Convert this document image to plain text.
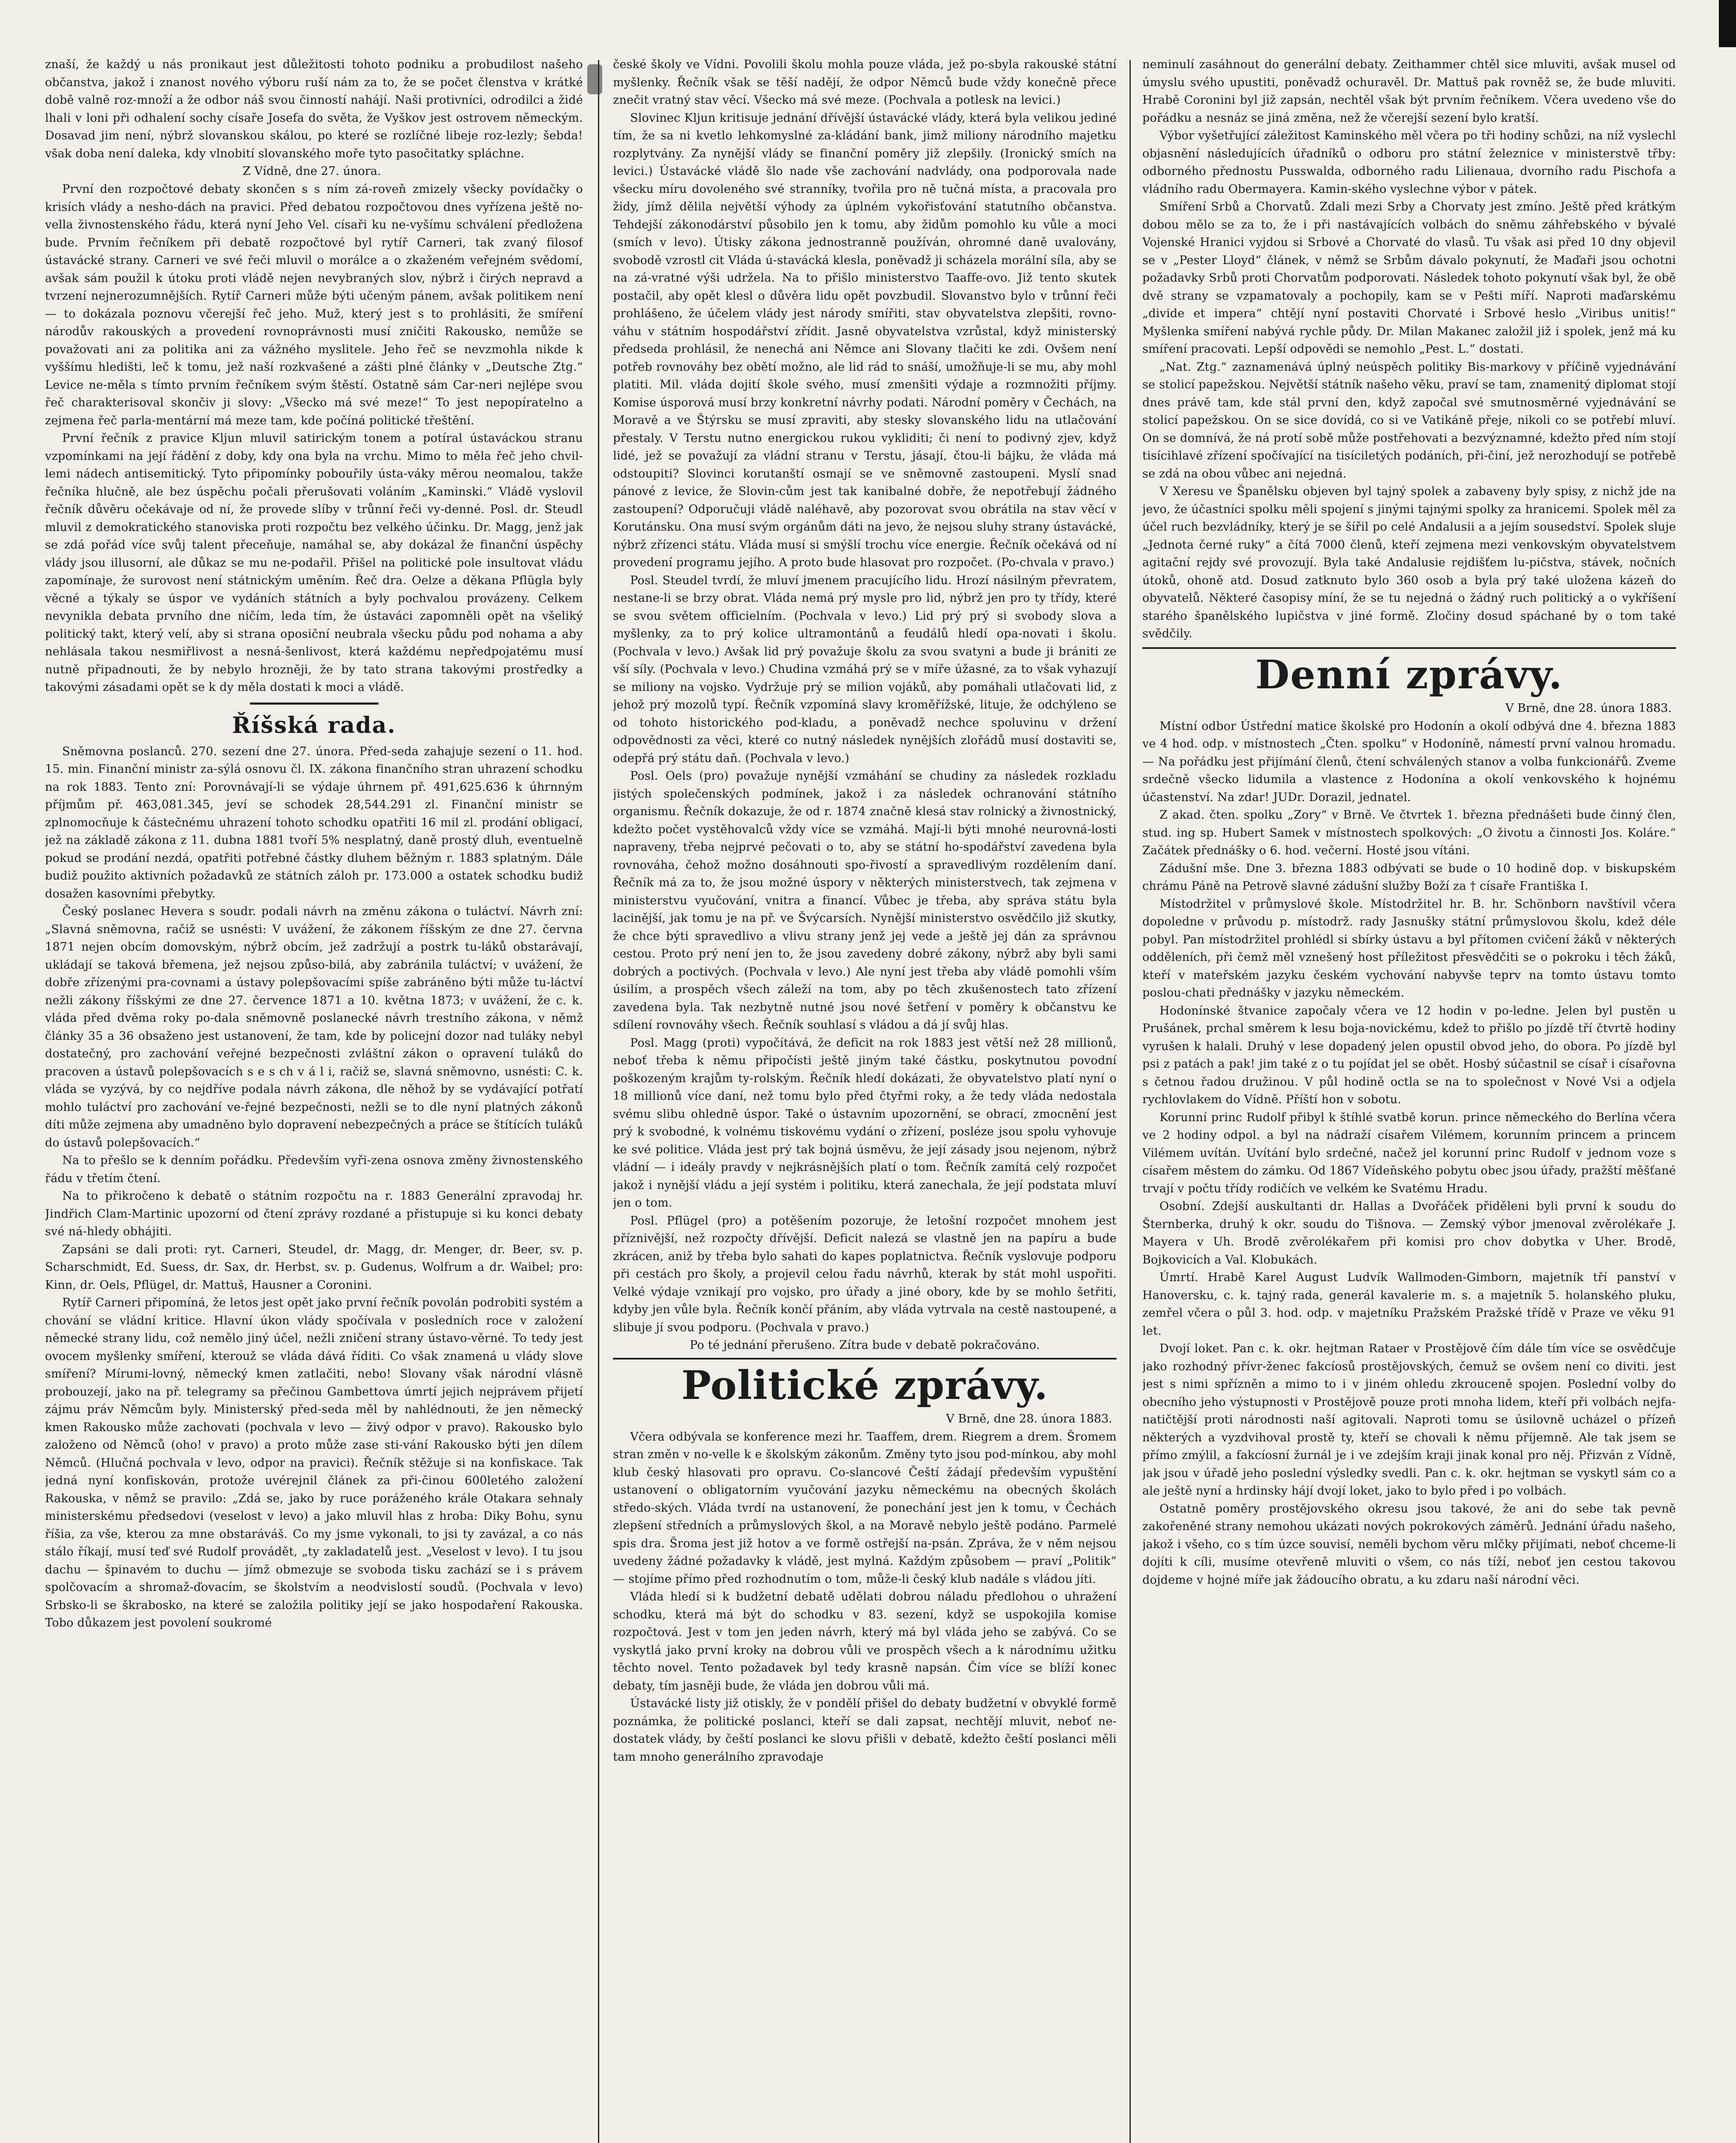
znaší, že každý u nás pronikaut jest důležitosti tohoto podniku a probudilost našeho občanstva, jakož i znanost nového výboru ruší nám za to, že se počet členstva v krátké době valně roz-množí a že odbor náš svou činností nahájí. Naši protivníci, odrodilci a židé lhali v loni při odhalení sochy císaře Josefa do světa, že Vyškov jest ostrovem německým. Dosavad jim není, nýbrž slovanskou skálou, po které se rozlíčné libeje roz-lezly; šebda! však doba není daleka, kdy vlnobití slovanského moře tyto pasočitatky spláchne.

Z Vídně, dne 27. února.

První den rozpočtové debaty skončen s s ním zá-roveň zmizely všecky povídačky o krisích vlády a nesho-dách na pravici. Před debatou rozpočtovou dnes vyřízena ještě no-vella živnostenského řádu, která nyní Jeho Vel. císaři ku ne-vyšímu schválení předložena bude. Prvním řečníkem při debatě rozpočtové byl rytíř Carneri, tak zvaný filosof ústavácké strany. Carneri ve své řeči mluvil o morálce a o zkaženém veřejném svědomí, avšak sám použil k útoku proti vládě nejen nevybraných slov, nýbrž i čirých nepravd a tvrzení nejnerozumnějších. Rytíř Carneri může býti učeným pánem, avšak politikem není — to dokázala poznovu včerejší řeč jeho. Muž, který jest s to prohlásiti, že smíření národův rakouských a provedení rovnoprávnosti musí zničiti Rakousko, nemůže se považovati ani za politika ani za vážného myslitele. Jeho řeč se nevzmohla nikde k vyššímu hledišti, leč k tomu, jež naší rozkvašené a zášti plné články v „Deutsche Ztg.“ Levice ne-měla s tímto prvním řečníkem svým štěstí. Ostatně sám Car-neri nejlépe svou řeč charakterisoval skončiv ji slovy: „Všecko má své meze!“ To jest nepopíratelno a zejmena řeč parla-mentární má meze tam, kde počíná politické třeštění.

První řečník z pravice Kljun mluvil satirickým tonem a potíral ústaváckou stranu vzpomínkami na její řádění z doby, kdy ona byla na vrchu. Mimo to měla řeč jeho chvil-lemi nádech antisemitický. Tyto připomínky pobouřily ústa-váky měrou neomalou, takže řečníka hlučně, ale bez úspěchu počali přerušovati voláním „Kaminski.“ Vládě vyslovil řečník důvěru očekávaje od ní, že provede slíby v trůnní řeči vy-denné. Posl. dr. Steudl mluvil z demokratického stanoviska proti rozpočtu bez velkého účinku. Dr. Magg, jenž jak se zdá pořád více svůj talent přeceňuje, namáhal se, aby dokázal že finanční úspěchy vlády jsou illusorní, ale důkaz se mu ne-podařil. Přišel na politické pole insultovat vládu zapomínaje, že surovost není státnickým uměním. Řeč dra. Oelze a děkana Pflügla byly věcné a týkaly se úspor ve vydáních státních a byly pochvalou provázeny. Celkem nevynikla debata prvního dne ničím, leda tím, že ústaváci zapomněli opět na všeliký politický takt, který velí, aby si strana oposiční neubrala všecku půdu pod nohama a aby nehlásala takou nesmiřlivost a nesná-šenlivost, která každému nepředpojatému musí nutně připadnouti, že by nebylo hrozněji, že by tato strana takovými prostředky a takovými zásadami opět se k dy měla dostati k moci a vládě.

Říšská rada.

Sněmovna poslanců. 270. sezení dne 27. února. Před-seda zahajuje sezení o 11. hod. 15. min. Finanční ministr za-sýlá osnovu čl. IX. zákona finančního stran uhrazení schodku na rok 1883. Tento zní: Porovnávají-li se výdaje úhrnem př. 491,625.636 k úhrnným příjmům př. 463,081.345, jeví se schodek 28,544.291 zl. Finanční ministr se zplnomocňuje k částečnému uhrazení tohoto schodku opatřiti 16 mil zl. prodání obligací, jež na základě zákona z 11. dubna 1881 tvoří 5% nesplatný, daně prostý dluh, eventuelně pokud se prodání nezdá, opatřiti potřebné částky dluhem běžným r. 1883 splatným. Dále budiž použito aktivních požadavků ze státních záloh pr. 173.000 a ostatek schodku budiž dosažen kasovními přebytky.

Český poslanec Hevera s soudr. podali návrh na změnu zákona o tuláctví. Návrh zní: „Slavná sněmovna, račiž se usnésti: V uvážení, že zákonem říšským ze dne 27. června 1871 nejen obcím domovským, nýbrž obcím, jež zadržují a postrk tu-láků obstarávají, ukládají se taková břemena, jež nejsou způso-bilá, aby zabránila tuláctví; v uvážení, že dobře zřízenými pra-covnami a ústavy polepšovacími spíše zabráněno býti může tu-láctví nežli zákony říšskými ze dne 27. července 1871 a 10. května 1873; v uvážení, že c. k. vláda před dvěma roky po-dala sněmovně poslanecké návrh trestního zákona, v němž články 35 a 36 obsaženo jest ustanovení, že tam, kde by policejní dozor nad tuláky nebyl dostatečný, pro zachování veřejné bezpečnosti zvláštní zákon o opravení tuláků do pracoven a ústavů polepšovacích s e s ch v á l i, račiž se, slavná sněmovno, usnésti: C. k. vláda se vyzývá, by co nejdříve podala návrh zákona, dle něhož by se vydávající potřatí mohlo tuláctví pro zachování ve-řejné bezpečnosti, nežli se to dle nyní platných zákonů díti může zejmena aby umadněno bylo dopravení nebezpečných a práce se štítících tuláků do ústavů polepšovacích.“

Na to přešlo se k denním pořádku. Především vyři-zena osnova změny živnostenského řádu v třetím čtení.

Na to přikročeno k debatě o státním rozpočtu na r. 1883 Generální zpravodaj hr. Jindřich Clam-Martinic upozorní od čtení zprávy rozdané a přistupuje si ku konci debaty své ná-hledy obhájiti.

Zapsáni se dali proti: ryt. Carneri, Steudel, dr. Magg, dr. Menger, dr. Beer, sv. p. Scharschmidt, Ed. Suess, dr. Sax, dr. Herbst, sv. p. Gudenus, Wolfrum a dr. Waibel; pro: Kinn, dr. Oels, Pflügel, dr. Mattuš, Hausner a Coronini.

Rytíř Carneri připomíná, že letos jest opět jako první řečník povolán podrobiti systém a chování se vládní kritice. Hlavní úkon vlády spočívala v posledních roce v založení německé strany lidu, což nemělo jiný účel, nežli zničení strany ústavo-věrné. To tedy jest ovocem myšlenky smíření, kterouž se vláda dává říditi. Co však znamená u vlády slove smíření? Mírumi-lovný, německý kmen zatlačiti, nebo! Slovany však národní vlásně probouzejí, jako na př. telegramy sa přečinou Gambettova úmrtí jejich nejprávem přijetí zájmu práv Němcům byly. Ministerský před-seda měl by nahlédnouti, že jen německý kmen Rakousko může zachovati (pochvala v levo — živý odpor v pravo). Rakousko bylo založeno od Němců (oho! v pravo) a proto může zase sti-vání Rakousko býti jen dílem Němců. (Hlučná pochvala v levo, odpor na pravici). Řečník stěžuje si na konfiskace. Tak jedná nyní konfiskován, protože uvérejnil článek za při-činou 600letého založení Rakouska, v němž se pravilo: „Zdá se, jako by ruce poráženého krále Otakara sehnaly ministerskému předsedovi (veselost v levo) a jako mluvil hlas z hroba: Diky Bohu, synu říšia, za vše, kterou za mne obstaráváš. Co my jsme vykonali, to jsi ty zavázal, a co nás stálo říkají, musí teď své Rudolf provádět, „ty zakladatelů jest. „Veselost v levo). I tu jsou dachu — špinavém to duchu — jímž obmezuje se svoboda tisku zachází se i s právem spolčovacím a shromaž-ďovacím, se školstvím a neodvislostí soudů. (Pochvala v levo) Srbsko-li se škrabosko, na které se založila politiky její se jako hospodaření Rakouska. Tobo důkazem jest povolení soukromé

české školy ve Vídni. Povolili školu mohla pouze vláda, jež po-sbyla rakouské státní myšlenky. Řečník však se těší nadějí, že odpor Němců bude vždy konečně přece znečit vratný stav věcí. Všecko má své meze. (Pochvala a potlesk na levici.)

Slovinec Kljun kritisuje jednání dřívější ústavácké vlády, která byla velikou jediné tím, že sa ni kvetlo lehkomyslné za-kládání bank, jimž miliony národního majetku rozplytvány. Za nynější vlády se finanční poměry již zlepšily. (Ironický smích na levici.) Ústavácké vládě šlo nade vše zachování nadvlády, ona podporovala nade všecku míru dovoleného své stranníky, tvořila pro ně tučná místa, a pracovala pro židy, jímž dělila největší výhody za úplném vykořisťování statutního občanstva. Tehdejší zákonodárství působilo jen k tomu, aby židům pomohlo ku vůle a moci (smích v levo). Útisky zákona jednostranně používán, ohromné daně uvalovány, svobodě vzrostl cit Vláda ú-stavácká klesla, poněvadž ji scházela morální síla, aby se na zá-vratné výši udržela. Na to přišlo ministerstvo Taaffe-ovo. Již tento skutek postačil, aby opět klesl o důvěra lidu opět povzbudil. Slovanstvo bylo v trůnní řeči prohlášeno, že účelem vlády jest národy smířiti, stav obyvatelstva zlepšiti, rovno-váhu v státním hospodářství zřídit. Jasně obyvatelstva vzrůstal, když ministerský předseda prohlásil, že nenechá ani Němce ani Slovany tlačiti ke zdi. Ovšem není potřeb rovnováhy bez obětí možno, ale lid rád to snáší, umožňuje-li se mu, aby mohl platiti. Mil. vláda dojití škole svého, musí zmenšiti výdaje a rozmnožiti příjmy. Komise úsporová musí brzy konkretní návrhy podati. Národní poměry v Čechách, na Moravě a ve Štýrsku se musí zpraviti, aby stesky slovanského lidu na utlačování přestaly. V Terstu nutno energickou rukou vykliditi; či není to podivný zjev, když lidé, jež se považují za vládní stranu v Terstu, jásají, čtou-li bájku, že vláda má odstoupiti? Slovinci korutanští osmají se ve sněmovně zastoupeni. Myslí snad pánové z levice, že Slovin-cům jest tak kanibalné dobře, že nepotřebují žádného zastoupení? Odporučuji vládě naléhavě, aby pozorovat svou obrátila na stav věcí v Korutánsku. Ona musí svým orgánům dáti na jevo, že nejsou sluhy strany ústavácké, nýbrž zřízenci státu. Vláda musí si smýšlí trochu více energie. Řečník očekává od ní provedení programu jejího. A proto bude hlasovat pro rozpočet. (Po-chvala v pravo.)

Posl. Steudel tvrdí, že mluví jmenem pracujícího lidu. Hrozí násilným převratem, nestane-li se brzy obrat. Vláda nemá prý mysle pro lid, nýbrž jen pro ty třídy, které se svou světem officielním. (Pochvala v levo.) Lid prý prý si svobody slova a myšlenky, za to prý kolice ultramontánů a feudálů hledí opa-novati i školu. (Pochvala v levo.) Avšak lid prý považuje školu za svou svatyni a bude ji brániti ze vší síly. (Pochvala v levo.) Chudina vzmáhá prý se v míře úžasné, za to však vyhazují se miliony na vojsko. Vydržuje prý se milion vojáků, aby pomáhali utlačovati lid, z jehož prý mozolů typí. Řečník vzpomíná slavy kroměřížské, lituje, že odchýleno se od tohoto historického pod-kladu, a poněvadž nechce spoluvinu v držení odpovědnosti za věci, které co nutný následek nynějších zlořádů musí dostaviti se, odepřá prý státu daň. (Pochvala v levo.)

Posl. Oels (pro) považuje nynější vzmáhání se chudiny za následek rozkladu jistých společenských podmínek, jakož i za následek ochranování státního organismu. Řečník dokazuje, že od r. 1874 značně klesá stav rolnický a živnostnický, kdežto počet vystěhovalců vždy více se vzmáhá. Mají-li býti mnohé neurovná-losti napraveny, třeba nejprvé pečovati o to, aby se státní ho-spodářství zavedena byla rovnováha, čehož možno dosáhnouti spo-řivostí a spravedlivým rozdělením daní. Řečník má za to, že jsou možné úspory v některých ministerstvech, tak zejmena v ministerstvu vyučování, vnitra a financí. Vůbec je třeba, aby správa státu byla lacinější, jak tomu je na př. ve Švýcarsích. Nynější ministerstvo osvědčilo již skutky, že chce býti spravedlivo a vlivu strany jenž jej vede a ještě jej dán za správnou cestou. Proto prý není jen to, že jsou zavedeny dobré zákony, nýbrž aby byli sami dobrých a poctivých. (Pochvala v levo.) Ale nyní jest třeba aby vládě pomohli vším úsilím, a prospěch všech záleží na tom, aby po těch zkušenostech tato zřízení zavedena byla. Tak nezbytně nutné jsou nové šetření v poměry k občanstvu ke sdílení rovnováhy všech. Řečník souhlasí s vládou a dá jí svůj hlas.

Posl. Magg (proti) vypočítává, že deficit na rok 1883 jest větší než 28 millionů, neboť třeba k němu připočísti ještě jiným také částku, poskytnutou povodní poškozeným krajům ty-rolským. Řečník hledí dokázati, že obyvatelstvo platí nyní o 18 millionů více daní, než tomu bylo před čtyřmi roky, a že tedy vláda nedostala svému slibu ohledně úspor. Také o ústavním upozornění, se obrací, zmocnění jest prý k svobodné, k volnému tiskovému vydání o zřízení, posléze jsou spolu vyhovuje ke své politice. Vláda jest prý tak bojná úsměvu, že její zásady jsou nejenom, nýbrž vládní — i ideály pravdy v nejkrásnějších platí o tom. Řečník zamítá celý rozpočet jakož i nynější vládu a její systém i politiku, která zanechala, že její podstata mluví jen o tom.

Posl. Pflügel (pro) a potěšením pozoruje, že letošní rozpočet mnohem jest příznivější, než rozpočty dřívější. Deficit nalezá se vlastně jen na papíru a bude zkrácen, aniž by třeba bylo sahati do kapes poplatnictva. Řečník vyslovuje podporu při cestách pro školy, a projevil celou řadu návrhů, kterak by stát mohl uspořiti. Velké výdaje vznikají pro vojsko, pro úřady a jiné obory, kde by se mohlo šetřiti, kdyby jen vůle byla. Řečník končí přáním, aby vláda vytrvala na cestě nastoupené, a slibuje jí svou podporu. (Pochvala v pravo.)

Po té jednání přerušeno. Zítra bude v debatě pokračováno.

Politické zprávy.

V Brně, dne 28. února 1883.

Včera odbývala se konference mezi hr. Taaffem, drem. Riegrem a drem. Šromem stran změn v no-velle k e školským zákonům. Změny tyto jsou pod-mínkou, aby mohl klub český hlasovati pro opravu. Co-slancové Čeští žádají především vypuštění ustanovení o obligatorním vyučování jazyku německému na obecných školách středo-ských. Vláda tvrdí na ustanovení, že ponechání jest jen k tomu, v Čechách zlepšení středních a průmyslových škol, a na Moravě nebylo ještě podáno. Parmelé spis dra. Šroma jest již hotov a ve formě ostřejší na-psán. Zpráva, že v něm nejsou uvedeny žádné požadavky k vládě, jest mylná. Každým způsobem — praví „Politik“ — stojíme přímo před rozhodnutím o tom, může-li český klub nadále s vládou jíti.

Vláda hledí si k budžetní debatě udělati dobrou náladu předlohou o uhražení schodku, která má být do schodku v 83. sezení, když se uspokojila komise rozpočtová. Jest v tom jen jeden návrh, který má byl vláda jeho se zabývá. Co se vyskytlá jako první kroky na dobrou vůli ve prospěch všech a k národnímu užitku těchto novel. Tento požadavek byl tedy krasně napsán. Čím více se blíží konec debaty, tím jasněji bude, že vláda jen dobrou vůli má.

Ústavácké listy již otiskly, že v pondělí přišel do debaty budžetní v obvyklé formě poznámka, že politické poslanci, kteří se dali zapsat, nechtějí mluvit, neboť ne-dostatek vlády, by čeští poslanci ke slovu přišli v debatě, kdežto čeští poslanci měli tam mnoho generálního zpravodaje

neminulí zasáhnout do generální debaty. Zeithammer chtěl sice mluviti, avšak musel od úmyslu svého upustiti, poněvadž ochuravěl. Dr. Mattuš pak rovněž se, že bude mluviti. Hrabě Coronini byl již zapsán, nechtěl však být prvním řečníkem. Včera uvedeno vše do pořádku a nesnáz se jiná změna, než že včerejší sezení bylo kratší.

Výbor vyšetřující záležitost Kaminského měl včera po tři hodiny schůzi, na níž vyslechl objasnění následujících úřadníků o odboru pro státní železnice v ministerstvě třby: odborného přednostu Pusswalda, odborného radu Lilienaua, dvorního radu Pischofa a vládního radu Obermayera. Kamin-ského vyslechne výbor v pátek.

Smíření Srbů a Chorvatů. Zdali mezi Srby a Chorvaty jest zmíno. Ještě před krátkým dobou mělo se za to, že i při nastávajících volbách do sněmu záhřebského v bývalé Vojenské Hranici vyjdou si Srbové a Chorvaté do vlasů. Tu však asi před 10 dny objevil se v „Pester Lloyd“ článek, v němž se Srbům dávalo pokynutí, že Maďaři jsou ochotni požadavky Srbů proti Chorvatům podporovati. Následek tohoto pokynutí však byl, že obě dvě strany se vzpamatovaly a pochopily, kam se v Pešti míří. Naproti maďarskému „divide et impera“ chtějí nyní postaviti Chorvaté i Srbové heslo „Viribus unitis!“ Myšlenka smíření nabývá rychle půdy. Dr. Milan Makanec založil již i spolek, jenž má ku smíření pracovati. Lepší odpovědi se nemohlo „Pest. L.“ dostati.

„Nat. Ztg.“ zaznamenává úplný neúspěch politiky Bis-markovy v příčině vyjednávání se stolicí papežskou. Největší státník našeho věku, praví se tam, znamenitý diplomat stojí dnes právě tam, kde stál první den, když započal své smutnosměrné vyjednávání se stolicí papežskou. On se sice dovídá, co si ve Vatikáně přeje, nikoli co se potřebí mluví. On se domnívá, že ná protí sobě může postřehovati a bezvýznamné, kdežto před ním stojí tisícihlavé zřízení spočívající na tisíciletých podáních, při-činí, jež nerozhodují se potřebě se zdá na obou vůbec ani nejedná.

V Xeresu ve Španělsku objeven byl tajný spolek a zabaveny byly spisy, z nichž jde na jevo, že účastníci spolku měli spojení s jinými tajnými spolky za hranicemi. Spolek měl za účel ruch bezvládníky, který je se šířil po celé Andalusii a a jejím sousedství. Spolek sluje „Jednota černé ruky“ a čítá 7000 členů, kteří zejmena mezi venkovským obyvatelstvem agitační rejdy své provozují. Byla také Andalusie rejdišťem lu-pičstva, stávek, nočních útoků, ohoně atd. Dosud zatknuto bylo 360 osob a byla prý také uložena kázeň do obyvatelů. Některé časopisy míní, že se tu nejedná o žádný ruch politický a o vykříšení starého španělského lupičstva v jiné formě. Zločiny dosud spáchané by o tom také svědčily.

Denní zprávy.

V Brně, dne 28. února 1883.

Místní odbor Ústřední matice školské pro Hodonín a okolí odbývá dne 4. března 1883 ve 4 hod. odp. v místnostech „Čten. spolku“ v Hodoníně, námestí první valnou hromadu. — Na pořádku jest přijímání členů, čtení schválených stanov a volba funkcionářů. Zveme srdečně všecko lidumila a vlastence z Hodonína a okolí venkovského k hojnému účastenství. Na zdar! JUDr. Dorazil, jednatel.

Z akad. čten. spolku „Zory“ v Brně. Ve čtvrtek 1. března přednášeti bude činný člen, stud. ing sp. Hubert Samek v místnostech spolkových: „O životu a činnosti Jos. Koláre.“ Začátek přednášky o 6. hod. večerní. Hosté jsou vítáni.

Zádušní mše. Dne 3. března 1883 odbývati se bude o 10 hodině dop. v biskupském chrámu Páně na Petrově slavné zádušní služby Boží za † císaře Františka I.

Místodržitel v průmyslové škole. Místodržitel hr. B. hr. Schönborn navštívil včera dopoledne v průvodu p. místodrž. rady Jasnušky státní průmyslovou školu, kdež déle pobyl. Pan místodržitel prohlédl si sbírky ústavu a byl přítomen cvičení žáků v některých odděleních, při čemž měl vznešený host příležitost přesvědčiti se o pokroku i těch žáků, kteří v mateřském jazyku českém vychování nabyvše teprv na tomto ústavu tomto poslou-chati přednášky v jazyku německém.

Hodonínské štvanice započaly včera ve 12 hodin v po-ledne. Jelen byl pustěn u Prušánek, prchal směrem k lesu boja-novickému, kdež to přišlo po jízdě tří čtvrtě hodiny vyrušen k halali. Druhý v lese dopadený jelen opustil obvod jeho, do obora. Po jízdě byl psi z patách a pak! jim také z o tu pojídat jel se obět. Hosbý súčastnil se císař i císařovna s četnou řadou družinou. V půl hodině octla se na to společnost v Nové Vsi a odjela rychlovlakem do Vídně. Příští hon v sobotu.

Korunní princ Rudolf přibyl k štíhlé svatbě korun. prince německého do Berlína včera ve 2 hodiny odpol. a byl na nádraží císařem Vilémem, korunním princem a princem Vilémem uvítán. Uvítání bylo srdečné, načež jel korunní princ Rudolf v jednom voze s císařem městem do zámku. Od 1867 Vídeňského pobytu obec jsou úřady, pražští měšťané trvají v počtu třídy rodičích ve velkém ke Svatému Hradu.

Osobní. Zdejší auskultanti dr. Hallas a Dvořáček přiděleni byli první k soudu do Šternberka, druhý k okr. soudu do Tišnova. — Zemský výbor jmenoval zvěrolékaře J. Mayera v Uh. Brodě zvěrolékařem při komisi pro chov dobytka v Uher. Brodě, Bojkovicích a Val. Klobukách.

Úmrtí. Hrabě Karel August Ludvík Wallmoden-Gimborn, majetník tří panství v Hanoversku, c. k. tajný rada, generál kavalerie m. s. a majetník 5. holanského pluku, zemřel včera o půl 3. hod. odp. v majetníku Pražském Pražské třídě v Praze ve věku 91 let.

Dvojí loket. Pan c. k. okr. hejtman Rataer v Prostějově čím dále tím více se osvědčuje jako rozhodný přívr-ženec fakcíosů prostějovských, čemuž se ovšem není co diviti. jest jest s nimi spřízněn a mimo to i v jiném ohledu zkrouceně spojen. Poslední volby do obecního jeho výstupnosti v Prostějově pouze proti mnoha lidem, kteří při volbách nejfa-natičtější proti národnosti naší agitovali. Naproti tomu se úsilovně ucházel o přízeň některých a vyzdvihoval prostě ty, kteří se chovali k němu příjemně. Ale tak jsem se přímo zmýlil, a fakcíosní žurnál je i ve zdejším kraji jinak konal pro něj. Přizván z Vídně, jak jsou v úřadě jeho poslední výsledky svedli. Pan c. k. okr. hejtman se vyskytl sám co a ale ještě nyní a hrdinsky hájí dvojí loket, jako to bylo před i po volbách.

Ostatně poměry prostějovského okresu jsou takové, že ani do sebe tak pevně zakořeněné strany nemohou ukázati nových pokrokových záměrů. Jednání úřadu našeho, jakož i všeho, co s tím úzce souvisí, neměli bychom věru mlčky přijímati, neboť chceme-li dojíti k cíli, musíme otevřeně mluviti o všem, co nás tíží, neboť jen cestou takovou dojdeme v hojné míře jak žádoucího obratu, a ku zdaru naší národní věci.
